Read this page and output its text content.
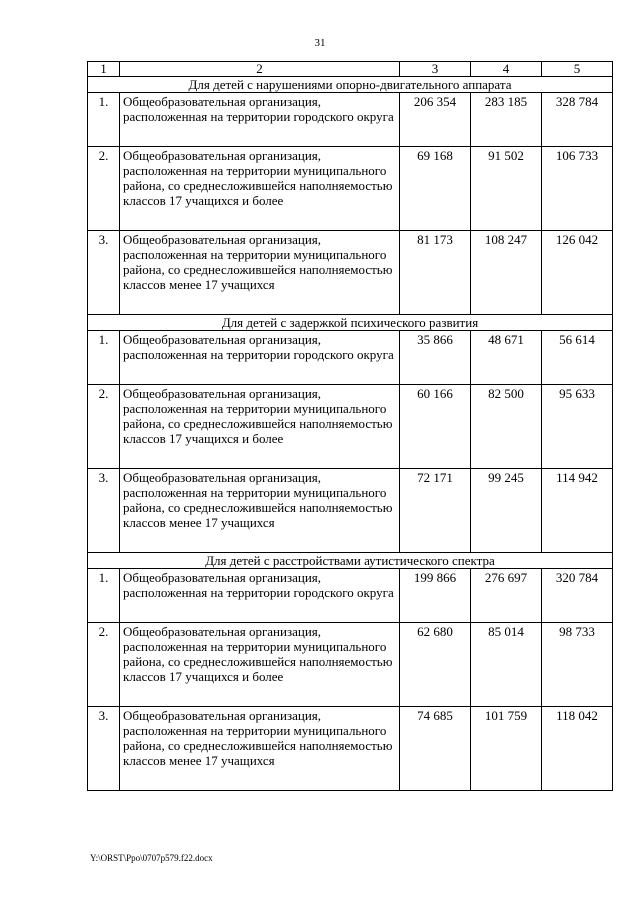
31
1	2	3	4	5
Для детей с нарушениями опорно-двигательного аппарата				
1.	Общеобразовательная организация, расположенная на территории городского округа	206 354	283 185	328 784
2.	Общеобразовательная организация, расположенная на территории муниципального района, со среднесложившейся наполняемостью классов 17 учащихся и более	69 168	91 502	106 733
3.	Общеобразовательная организация, расположенная на территории муниципального района, со среднесложившейся наполняемостью классов менее 17 учащихся	81 173	108 247	126 042
Для детей с задержкой психического развития				
1.	Общеобразовательная организация, расположенная на территории городского округа	35 866	48 671	56 614
2.	Общеобразовательная организация, расположенная на территории муниципального района, со среднесложившейся наполняемостью классов 17 учащихся и более	60 166	82 500	95 633
3.	Общеобразовательная организация, расположенная на территории муниципального района, со среднесложившейся наполняемостью классов менее 17 учащихся	72 171	99 245	114 942
Для детей с расстройствами аутистического спектра				
1.	Общеобразовательная организация, расположенная на территории городского округа	199 866	276 697	320 784
2.	Общеобразовательная организация, расположенная на территории муниципального района, со среднесложившейся наполняемостью классов 17 учащихся и более	62 680	85 014	98 733
3.	Общеобразовательная организация, расположенная на территории муниципального района, со среднесложившейся наполняемостью классов менее 17 учащихся	74 685	101 759	118 042
Y:\ORST\Ppo\0707p579.f22.docx
